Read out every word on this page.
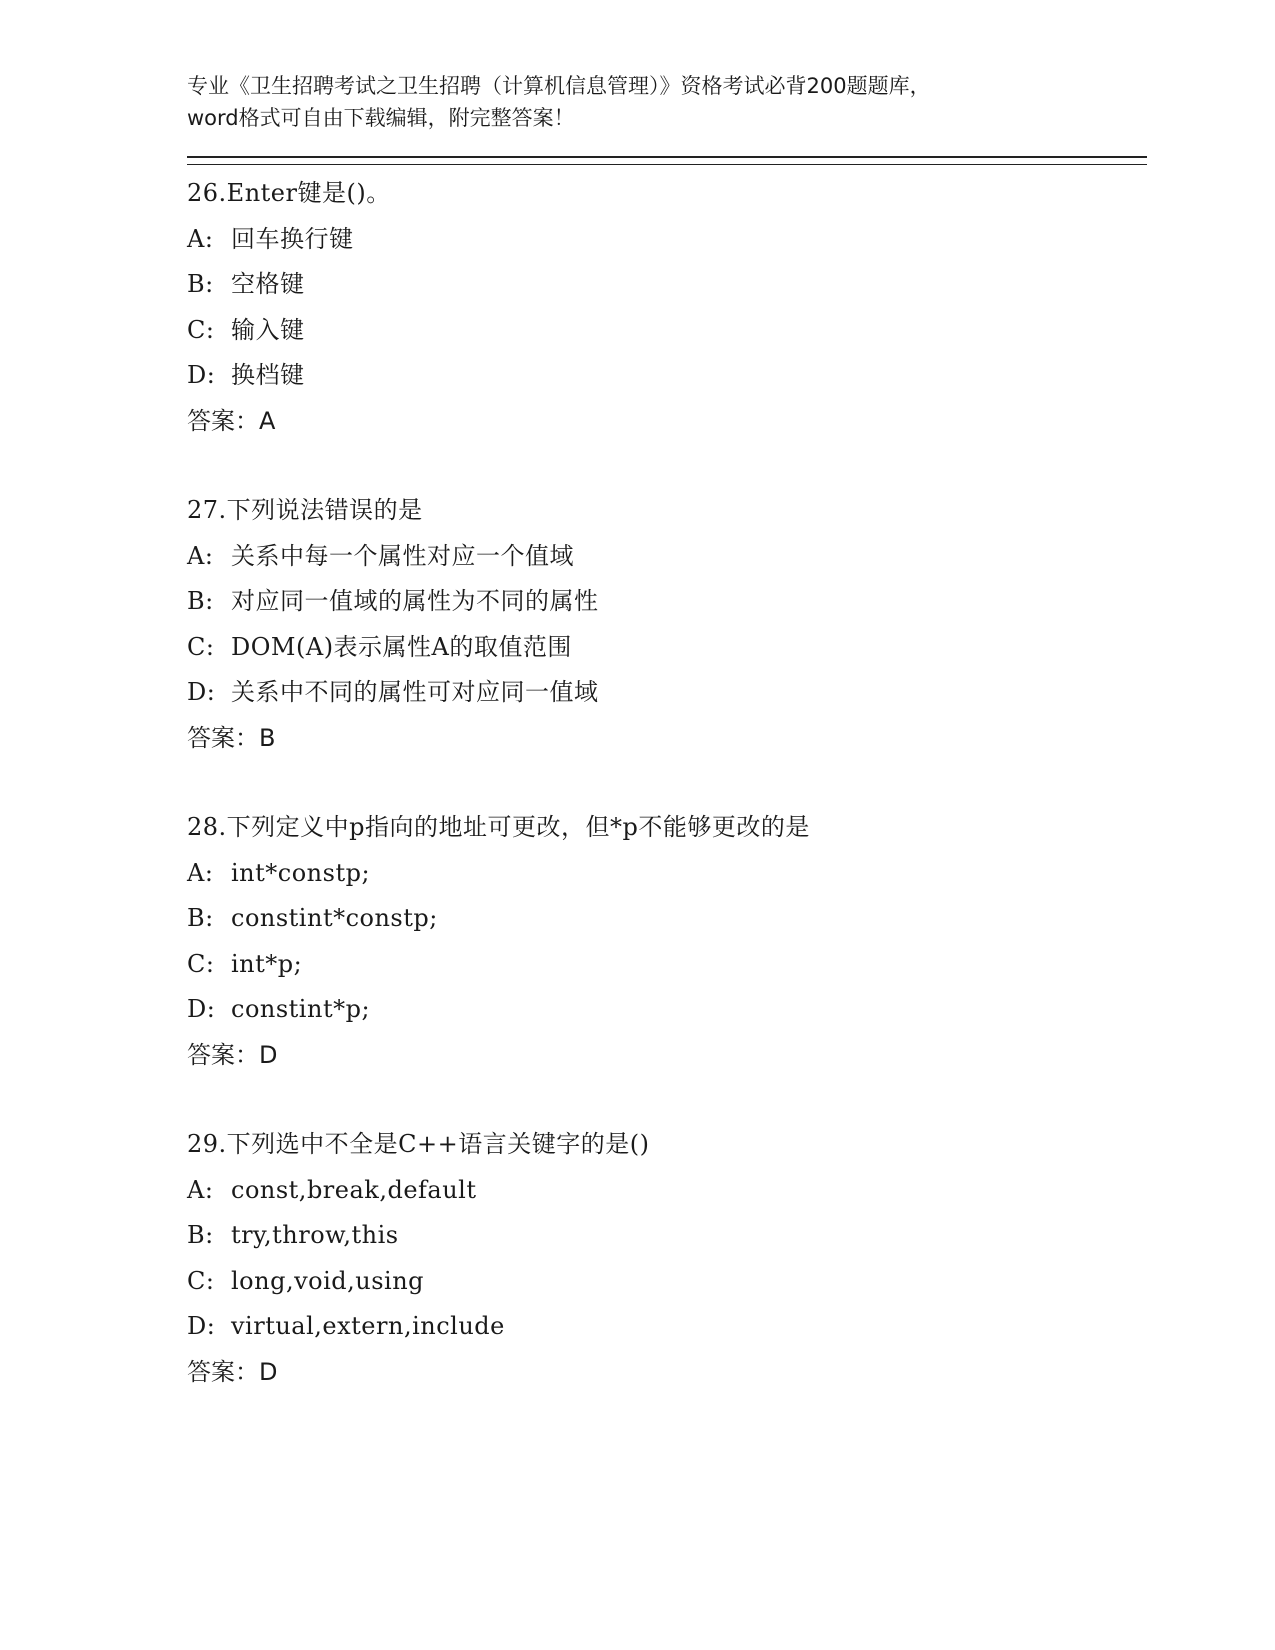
专业《卫生招聘考试之卫生招聘（计算机信息管理）》资格考试必背200题题库，
word格式可自由下载编辑，附完整答案！
26.Enter键是()。
A: 回车换行键
B: 空格键
C: 输入键
D: 换档键
答案：A
27.下列说法错误的是
A: 关系中每一个属性对应一个值域
B: 对应同一值域的属性为不同的属性
C: DOM(A)表示属性A的取值范围
D: 关系中不同的属性可对应同一值域
答案：B
28.下列定义中p指向的地址可更改，但*p不能够更改的是
A: int*constp;
B: constint*constp;
C: int*p;
D: constint*p;
答案：D
29.下列选中不全是C++语言关键字的是()
A: const,break,default
B: try,throw,this
C: long,void,using
D: virtual,extern,include
答案：D
